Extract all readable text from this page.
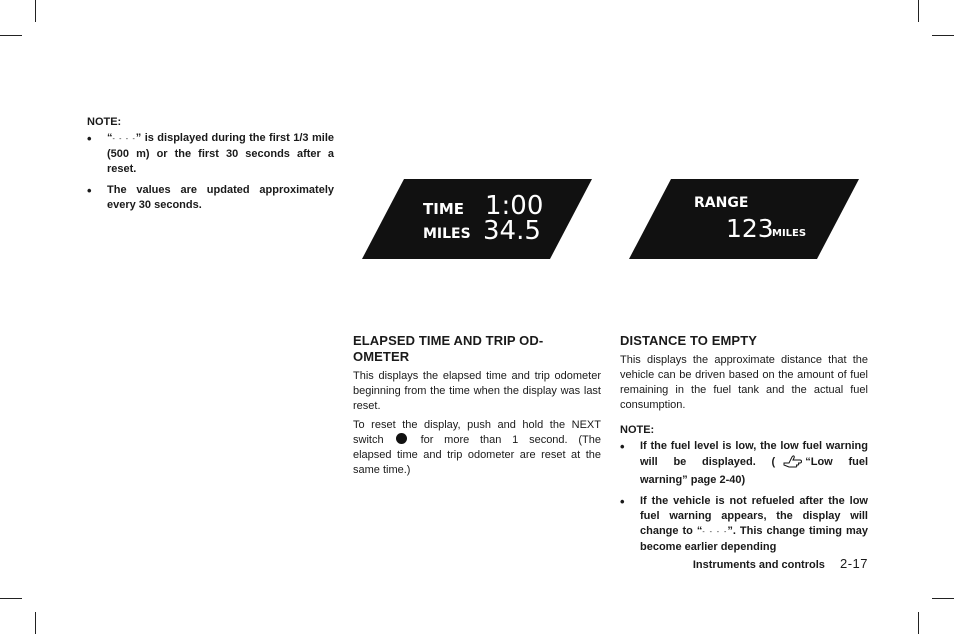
NOTE:
• “- - - -” is displayed during the first 1/3 mile (500 m) or the first 30 seconds after a reset.
• The values are updated approximately every 30 seconds.	TIME 1:00
MILES 34.5
RANGE
123
MILES
ELAPSED TIME AND TRIP OD-
OMETER

This displays the elapsed time and trip odometer beginning from the time when the display was last reset.

To reset the display, push and hold the NEXT switch	for more than 1 second. (The elapsed time and trip odometer are reset at the same time.)

DISTANCE TO EMPTY

This displays the approximate distance that the vehicle can be driven based on the amount of fuel remaining in the fuel tank and the actual fuel consumption.

NOTE:
• If the fuel level is low, the low fuel warning will be displayed. (	“Low fuel warning” page 2-40)
• If the vehicle is not refueled after the low fuel warning appears, the display will change to “- - - -”. This change timing may become earlier depending
Instruments and controls 2-17
